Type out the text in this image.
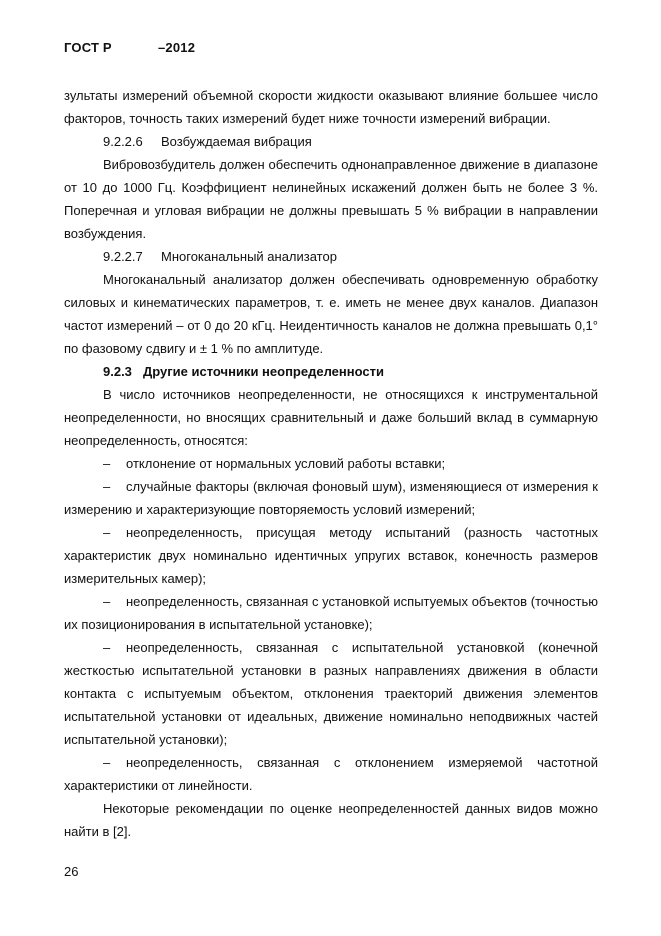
ГОСТ Р	–2012

зультаты измерений объемной скорости жидкости оказывают влияние большее число факторов, точность таких измерений будет ниже точности измерений вибрации.

9.2.2.6 Возбуждаемая вибрация

Вибровозбудитель должен обеспечить однонаправленное движение в диапазоне от 10 до 1000 Гц. Коэффициент нелинейных искажений должен быть не более 3 %. Поперечная и угловая вибрации не должны превышать 5 % вибрации в направлении возбуждения.

9.2.2.7 Многоканальный анализатор

Многоканальный анализатор должен обеспечивать одновременную обработку силовых и кинематических параметров, т. е. иметь не менее двух каналов. Диапазон частот измерений – от 0 до 20 кГц. Неидентичность каналов не должна превышать 0,1° по фазовому сдвигу и ± 1 % по амплитуде.

9.2.3 Другие источники неопределенности

В число источников неопределенности, не относящихся к инструментальной неопределенности, но вносящих сравнительный и даже больший вклад в суммарную неопределенность, относятся:

– отклонение от нормальных условий работы вставки;

– случайные факторы (включая фоновый шум), изменяющиеся от измерения к измерению и характеризующие повторяемость условий измерений;

– неопределенность, присущая методу испытаний (разность частотных характеристик двух номинально идентичных упругих вставок, конечность размеров измерительных камер);

– неопределенность, связанная с установкой испытуемых объектов (точностью их позиционирования в испытательной установке);

– неопределенность, связанная с испытательной установкой (конечной жесткостью испытательной установки в разных направлениях движения в области контакта с испытуемым объектом, отклонения траекторий движения элементов испытательной установки от идеальных, движение номинально неподвижных частей испытательной установки);

– неопределенность, связанная с отклонением измеряемой частотной характеристики от линейности.

Некоторые рекомендации по оценке неопределенностей данных видов можно найти в [2].

26
